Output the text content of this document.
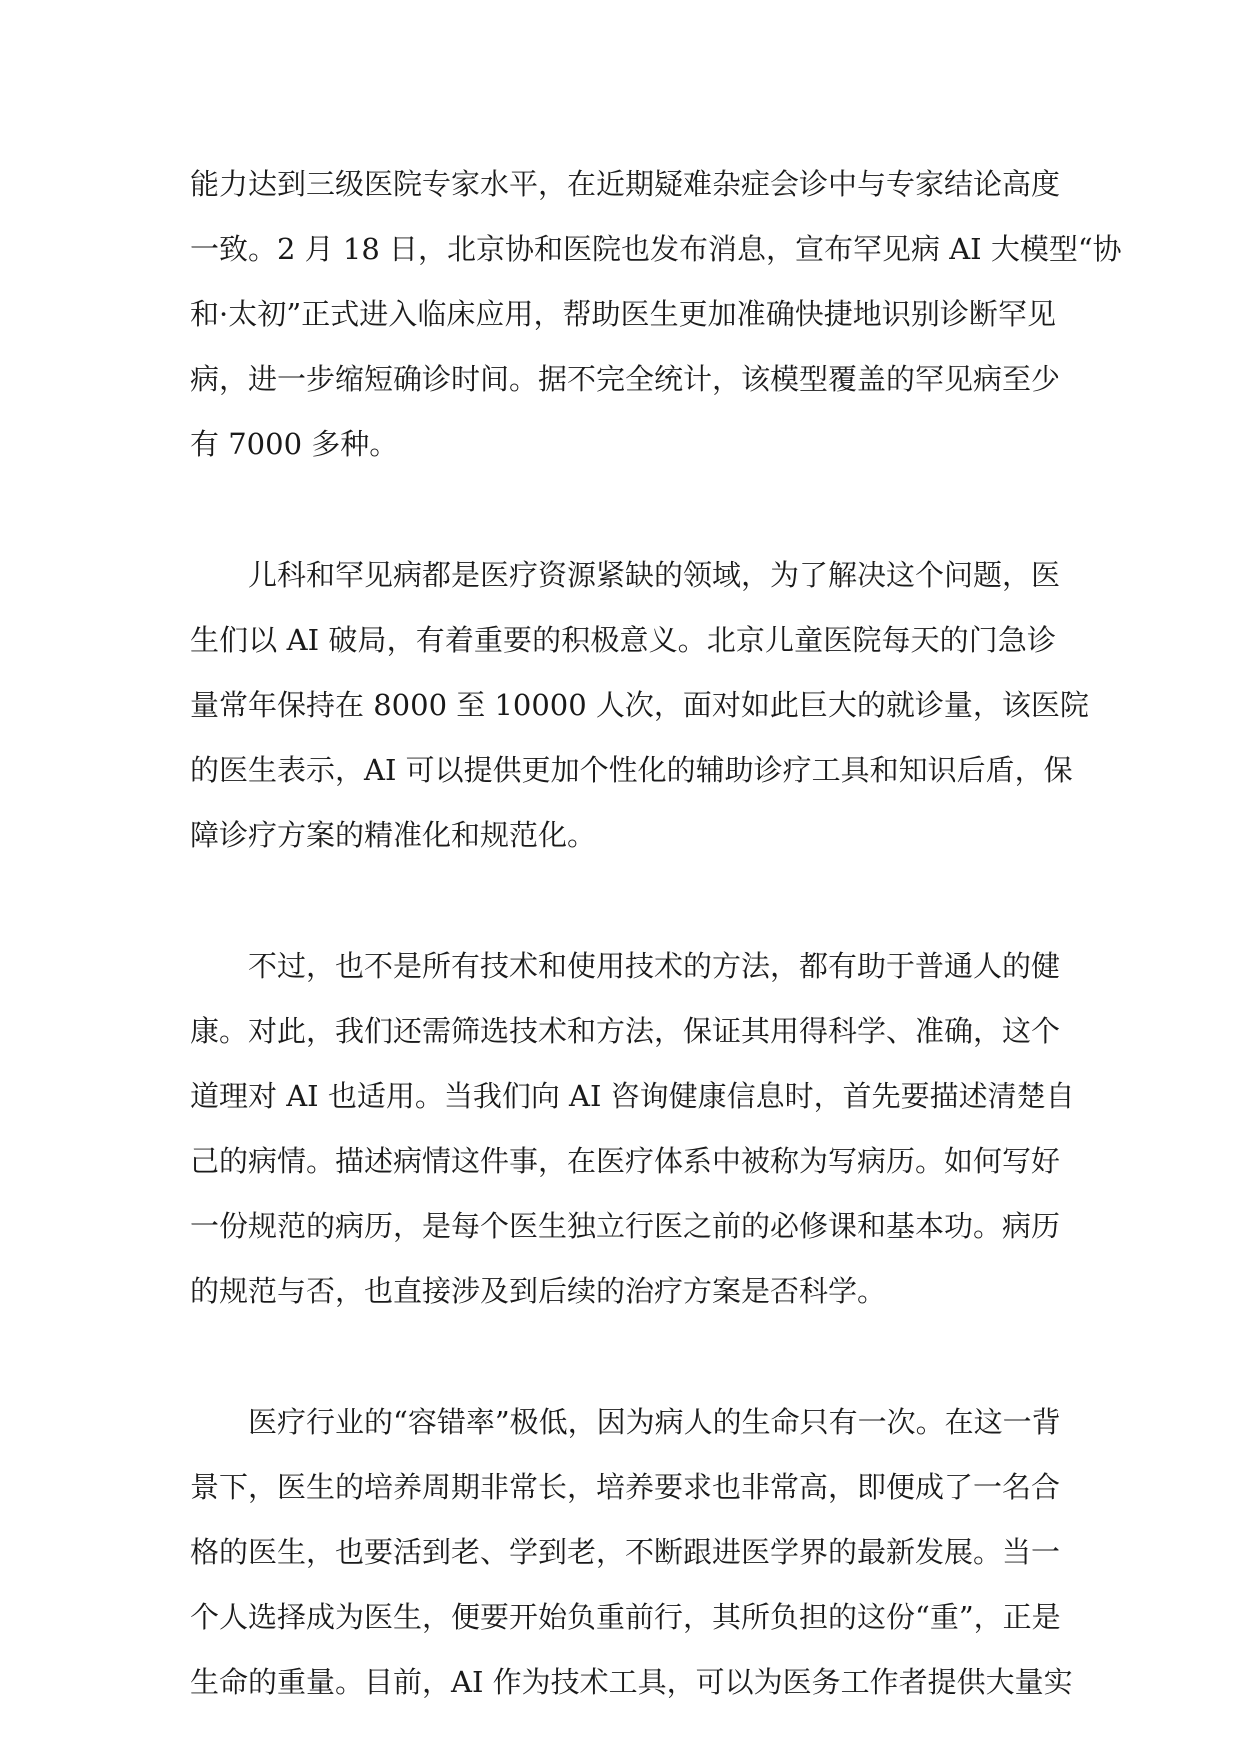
能力达到三级医院专家水平，在近期疑难杂症会诊中与专家结论高度
一致。2 月 18 日，北京协和医院也发布消息，宣布罕见病 AI 大模型“协
和·太初”正式进入临床应用，帮助医生更加准确快捷地识别诊断罕见
病，进一步缩短确诊时间。据不完全统计，该模型覆盖的罕见病至少
有 7000 多种。
儿科和罕见病都是医疗资源紧缺的领域，为了解决这个问题，医
生们以 AI 破局，有着重要的积极意义。北京儿童医院每天的门急诊
量常年保持在 8000 至 10000 人次，面对如此巨大的就诊量，该医院
的医生表示，AI 可以提供更加个性化的辅助诊疗工具和知识后盾，保
障诊疗方案的精准化和规范化。
不过，也不是所有技术和使用技术的方法，都有助于普通人的健
康。对此，我们还需筛选技术和方法，保证其用得科学、准确，这个
道理对 AI 也适用。当我们向 AI 咨询健康信息时，首先要描述清楚自
己的病情。描述病情这件事，在医疗体系中被称为写病历。如何写好
一份规范的病历，是每个医生独立行医之前的必修课和基本功。病历
的规范与否，也直接涉及到后续的治疗方案是否科学。
医疗行业的“容错率”极低，因为病人的生命只有一次。在这一背
景下，医生的培养周期非常长，培养要求也非常高，即便成了一名合
格的医生，也要活到老、学到老，不断跟进医学界的最新发展。当一
个人选择成为医生，便要开始负重前行，其所负担的这份“重”，正是
生命的重量。目前，AI 作为技术工具，可以为医务工作者提供大量实
